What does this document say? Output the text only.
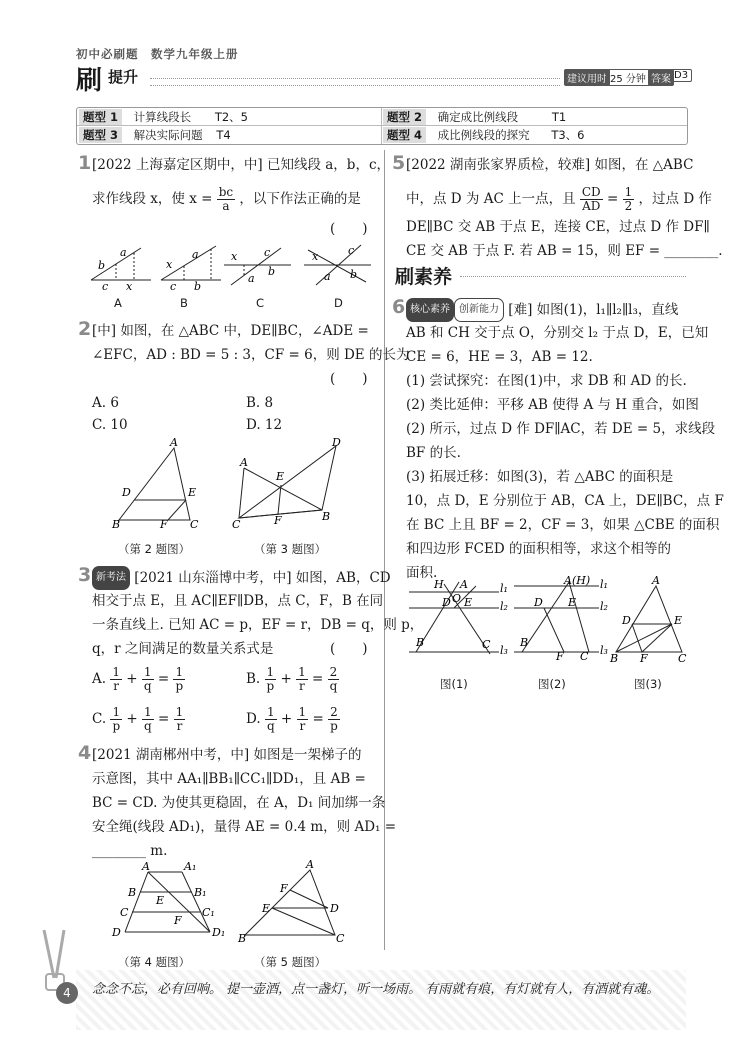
初中必刷题　数学九年级上册
刷 提升	建议用时 25 分钟 答案 D3
题型 1 计算线段长 T2、5	题型 2 确定成比例线段	T1
题型 3 解决实际问题 T4	题型 4 成比例线段的探究 T3、6
1 [2022 上海嘉定区期中，中] 已知线段 a，b，c，
求作线段 x，使 $x = \frac{bc}{a}$ ，以下作法正确的是
(　　)
b
a
c x
x
a
c b
x c
a
b
x	c
a b
A	B	C	D
2 [中] 如图，在 △ABC 中，DE∥BC，∠ADE =
∠EFC，AD : BD = 5 : 3，CF = 6，则 DE 的长为
(　　)
A. 6	B. 8
C. 10	D. 12
A
D	E
B	F C
A
D
E
C	F	B
（第 2 题图）	（第 3 题图）
3 新考法 [2021 山东淄博中考，中] 如图，AB，CD
相交于点 E，且 AC∥EF∥DB，点 C，F，B 在同
一条直线上. 已知 AC = p，EF = r，DB = q，则 p，
q，r 之间满足的数量关系式是	(　　)
A. $\frac{1}{r} + \frac{1}{q} = \frac{1}{p}$	B. $\frac{1}{p} + \frac{1}{r} = \frac{2}{q}$
C. $\frac{1}{p} + \frac{1}{q} = \frac{1}{r}$	D. $\frac{1}{q} + \frac{1}{r} = \frac{2}{p}$
4 [2021 湖南郴州中考，中] 如图是一架梯子的
示意图，其中 AA₁∥BB₁∥CC₁∥DD₁，且 AB =
BC = CD. 为使其更稳固，在 A，D₁ 间加绑一条
安全绳(线段 AD₁)，量得 AE = 0.4 m，则 AD₁ =
________ m.
A	A₁
B	B₁
C	C₁
D	D₁
E
F
A
F
E	D
B	C
（第 4 题图）	（第 5 题图）
5 [2022 湖南张家界质检，较难] 如图，在 △ABC
中，点 D 为 AC 上一点，且 $\frac{CD}{AD} = \frac{1}{2}$ ，过点 D 作
DE∥BC 交 AB 于点 E，连接 CE，过点 D 作 DF∥
CE 交 AB 于点 F. 若 AB = 15，则 EF = ________.
刷素养
6 核心素养 创新能力 [难] 如图(1)，l₁∥l₂∥l₃，直线
AB 和 CH 交于点 O，分别交 l₂ 于点 D，E，已知
CE = 6，HE = 3，AB = 12.
(1) 尝试探究：在图(1)中，求 DB 和 AD 的长.
(2) 类比延伸：平移 AB 使得 A 与 H 重合，如图
(2) 所示，过点 D 作 DF∥AC，若 DE = 5，求线段
BF 的长.
(3) 拓展迁移：如图(3)，若 △ABC 的面积是
10，点 D，E 分别位于 AB，CA 上，DE∥BC，点 F
在 BC 上且 BF = 2，CF = 3，如果 △CBE 的面积
和四边形 FCED 的面积相等，求这个相等的
面积.
H A
O
D E
B	C
l₁
l₂
l₃
A(H)
D E
B
F C
l₁
l₂
l₃
A
D	E
B F	C
图(1)	图(2)	图(3)
4	念念不忘，必有回响。 提一壶酒，点一盏灯，听一场雨。 有雨就有痕，有灯就有人，有酒就有魂。
